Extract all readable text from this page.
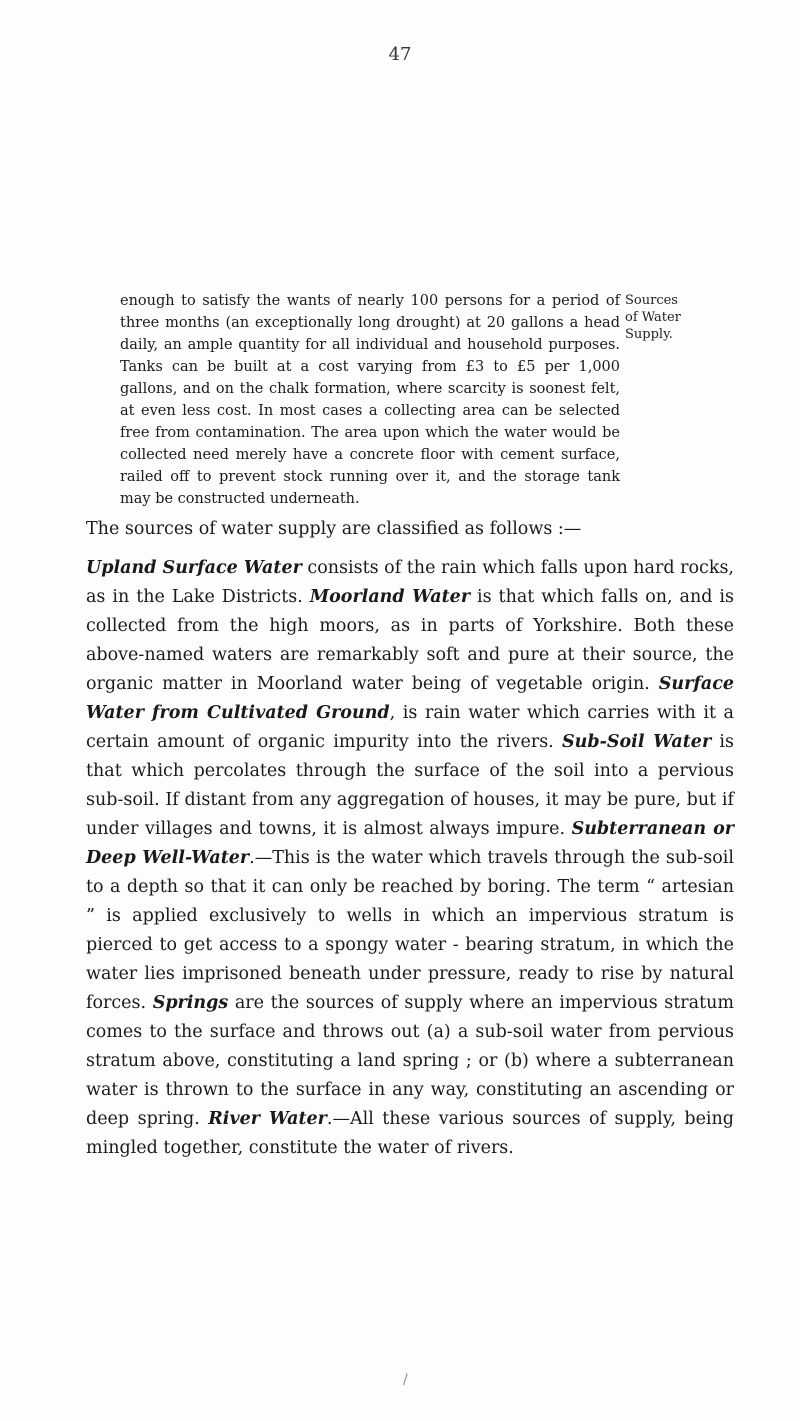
47

enough to satisfy the wants of nearly 100 persons for a period of three months (an exceptionally long drought) at 20 gallons a head daily, an ample quantity for all individual and household purposes. Tanks can be built at a cost varying from £3 to £5 per 1,000 gallons, and on the chalk formation, where scarcity is soonest felt, at even less cost. In most cases a collecting area can be selected free from contamination. The area upon which the water would be collected need merely have a concrete floor with cement surface, railed off to prevent stock running over it, and the storage tank may be constructed underneath.

Sources
of Water
Supply.

The sources of water supply are classified as follows :—

Upland Surface Water consists of the rain which falls upon hard rocks, as in the Lake Districts. Moorland Water is that which falls on, and is collected from the high moors, as in parts of Yorkshire. Both these above-named waters are remarkably soft and pure at their source, the organic matter in Moorland water being of vegetable origin. Surface Water from Cultivated Ground, is rain water which carries with it a certain amount of organic impurity into the rivers. Sub-Soil Water is that which percolates through the surface of the soil into a pervious sub-soil. If distant from any aggregation of houses, it may be pure, but if under villages and towns, it is almost always impure. Subterranean or Deep Well-Water.—This is the water which travels through the sub-soil to a depth so that it can only be reached by boring. The term “ artesian ” is applied exclusively to wells in which an impervious stratum is pierced to get access to a spongy water - bearing stratum, in which the water lies imprisoned beneath under pressure, ready to rise by natural forces. Springs are the sources of supply where an impervious stratum comes to the surface and throws out (a) a sub-soil water from pervious stratum above, constituting a land spring ; or (b) where a subterranean water is thrown to the surface in any way, constituting an ascending or deep spring. River Water.—All these various sources of supply, being mingled together, constitute the water of rivers.

/
